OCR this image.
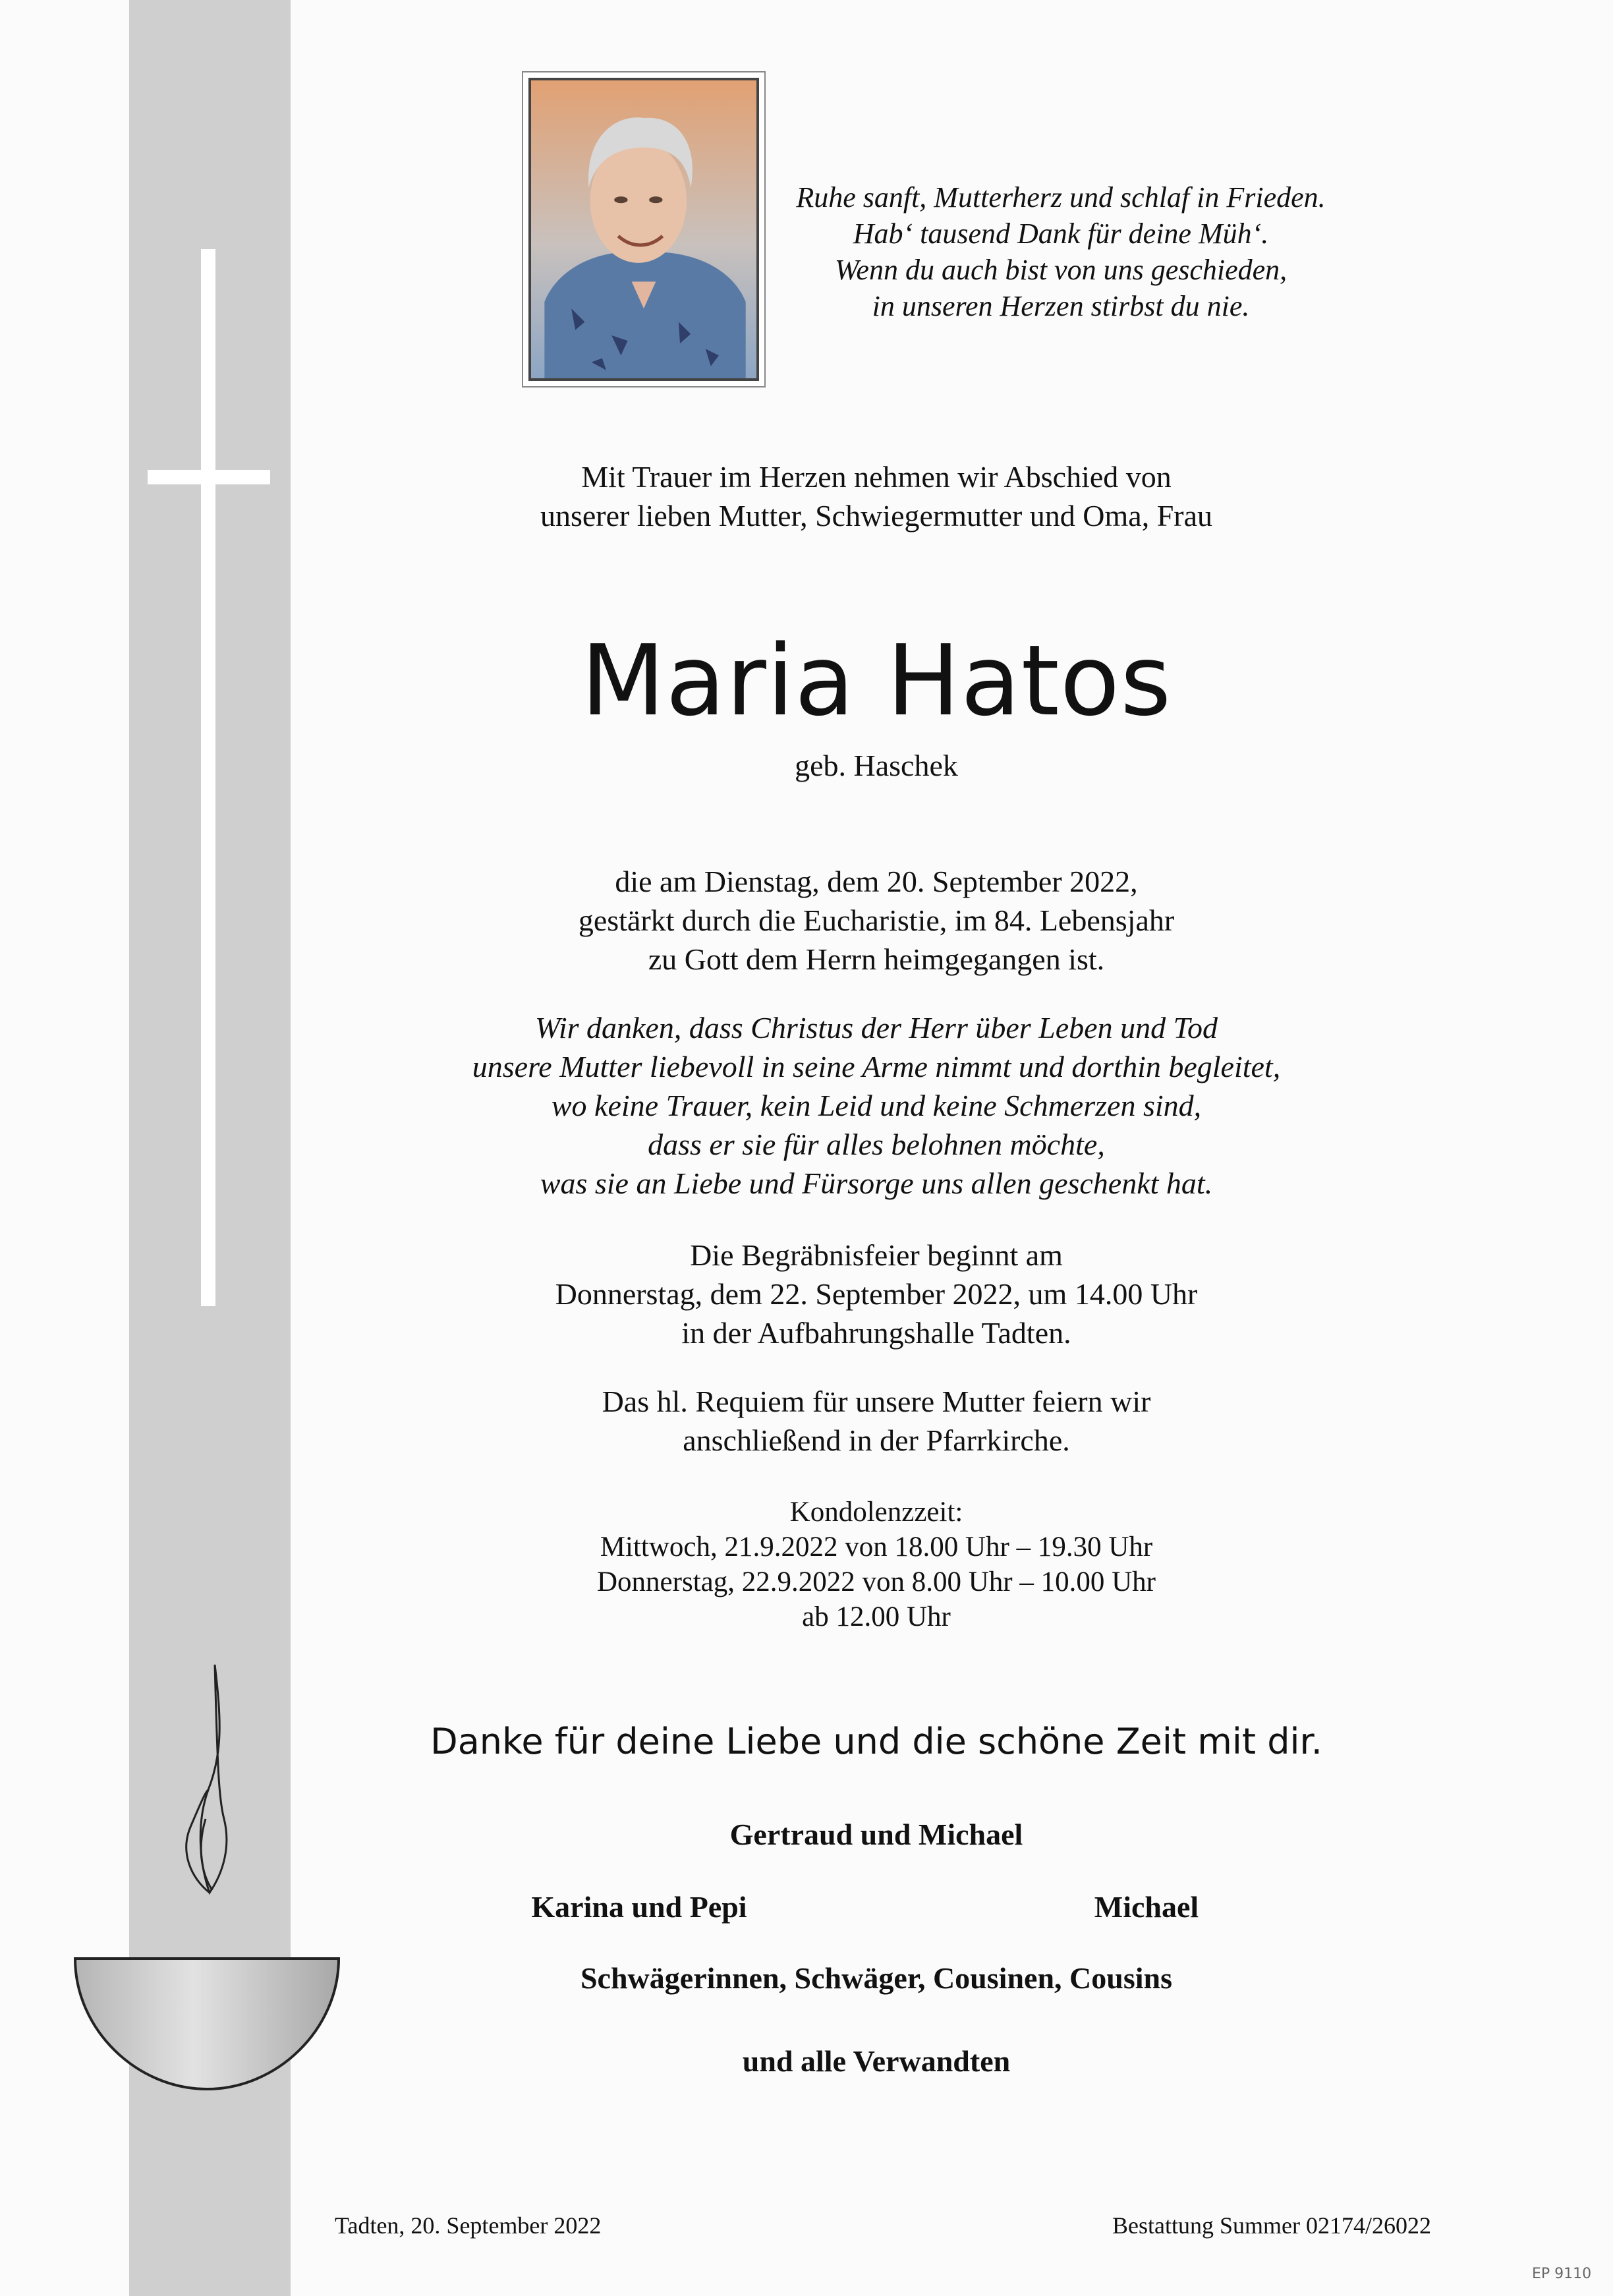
Ruhe sanft, Mutterherz und schlaf in Frieden.
Hab‘ tausend Dank für deine Müh‘.
Wenn du auch bist von uns geschieden,
in unseren Herzen stirbst du nie.
Mit Trauer im Herzen nehmen wir Abschied von
unserer lieben Mutter, Schwiegermutter und Oma, Frau
Maria Hatos
geb. Haschek
die am Dienstag, dem 20. September 2022,
gestärkt durch die Eucharistie, im 84. Lebensjahr
zu Gott dem Herrn heimgegangen ist.
Wir danken, dass Christus der Herr über Leben und Tod
unsere Mutter liebevoll in seine Arme nimmt und dorthin begleitet,
wo keine Trauer, kein Leid und keine Schmerzen sind,
dass er sie für alles belohnen möchte,
was sie an Liebe und Fürsorge uns allen geschenkt hat.
Die Begräbnisfeier beginnt am
Donnerstag, dem 22. September 2022, um 14.00 Uhr
in der Aufbahrungshalle Tadten.
Das hl. Requiem für unsere Mutter feiern wir
anschließend in der Pfarrkirche.
Kondolenzzeit:
Mittwoch, 21.9.2022 von 18.00 Uhr – 19.30 Uhr
Donnerstag, 22.9.2022 von 8.00 Uhr – 10.00 Uhr
ab 12.00 Uhr
Danke für deine Liebe und die schöne Zeit mit dir.
Gertraud und Michael
Karina und Pepi	Michael
Schwägerinnen, Schwäger, Cousinen, Cousins
und alle Verwandten
Tadten, 20. September 2022	Bestattung Summer 02174/26022
EP 9110
